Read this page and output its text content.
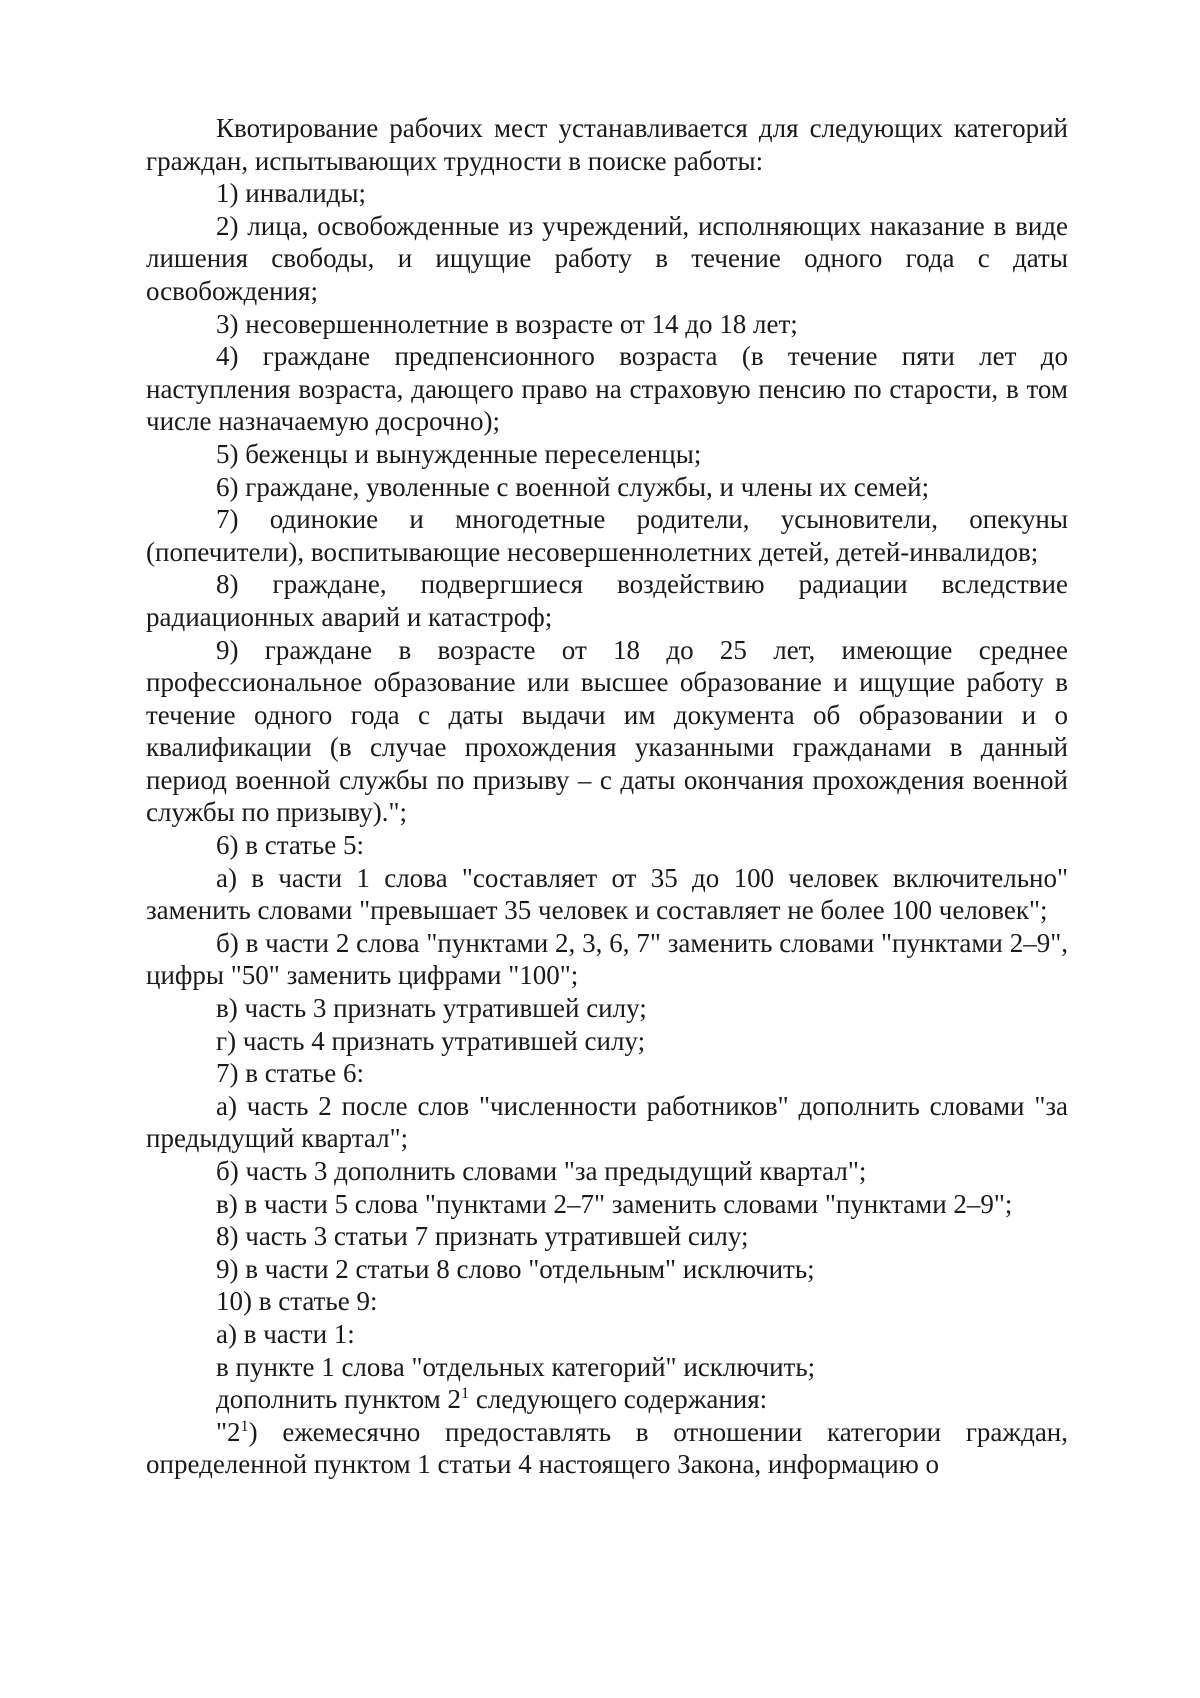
Квотирование рабочих мест устанавливается для следующих категорий граждан, испытывающих трудности в поиске работы:

1) инвалиды;

2) лица, освобожденные из учреждений, исполняющих наказание в виде лишения свободы, и ищущие работу в течение одного года с даты освобождения;

3) несовершеннолетние в возрасте от 14 до 18 лет;

4) граждане предпенсионного возраста (в течение пяти лет до наступления возраста, дающего право на страховую пенсию по старости, в том числе назначаемую досрочно);

5) беженцы и вынужденные переселенцы;

6) граждане, уволенные с военной службы, и члены их семей;

7) одинокие и многодетные родители, усыновители, опекуны (попечители), воспитывающие несовершеннолетних детей, детей-инвалидов;

8) граждане, подвергшиеся воздействию радиации вследствие радиационных аварий и катастроф;

9) граждане в возрасте от 18 до 25 лет, имеющие среднее профессиональное образование или высшее образование и ищущие работу в течение одного года с даты выдачи им документа об образовании и о квалификации (в случае прохождения указанными гражданами в данный период военной службы по призыву – с даты окончания прохождения военной службы по призыву).";

6) в статье 5:

а) в части 1 слова "составляет от 35 до 100 человек включительно" заменить словами "превышает 35 человек и составляет не более 100 человек";

б) в части 2 слова "пунктами 2, 3, 6, 7" заменить словами "пунктами 2–9", цифры "50" заменить цифрами "100";

в) часть 3 признать утратившей силу;

г) часть 4 признать утратившей силу;

7) в статье 6:

а) часть 2 после слов "численности работников" дополнить словами "за предыдущий квартал";

б) часть 3 дополнить словами "за предыдущий квартал";

в) в части 5 слова "пунктами 2–7" заменить словами "пунктами 2–9";

8) часть 3 статьи 7 признать утратившей силу;

9) в части 2 статьи 8 слово "отдельным" исключить;

10) в статье 9:

а) в части 1:

в пункте 1 слова "отдельных категорий" исключить;

дополнить пунктом $2^1$ следующего содержания:

"$2^1$) ежемесячно предоставлять в отношении категории граждан, определенной пунктом 1 статьи 4 настоящего Закона, информацию о
